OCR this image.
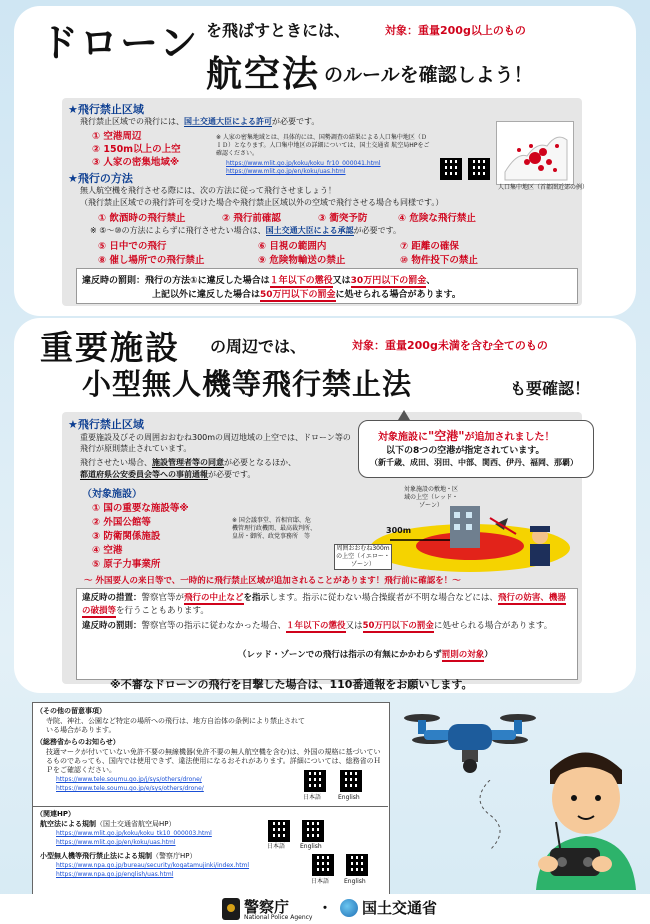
ドローン を飛ばすときには、	対象：重量200g以上のもの
航空法 のルールを確認しよう！
★飛行禁止区域
飛行禁止区域での飛行には、国土交通大臣による許可が必要です。
① 空港周辺
② 150m以上の上空
③ 人家の密集地域※
※ 人家の密集地域とは、具体的には、国勢調査の結果による人口集中地区（ＤＩＤ）となります。人口集中地区の詳細については、国土交通省 航空局HPをご確認ください。
https://www.mlit.go.jp/koku/koku_fr10_000041.html
https://www.mlit.go.jp/en/koku/uas.html
人口集中地区（首都圏近郊の例）
★飛行の方法
無人航空機を飛行させる際には、次の方法に従って飛行させましょう！
（飛行禁止区域での飛行許可を受けた場合や飛行禁止区域以外の空域で飛行させる場合も同様です。）
① 飲酒時の飛行禁止	② 飛行前確認	③ 衝突予防	④ 危険な飛行禁止
※ ⑤～⑩の方法によらずに飛行させたい場合は、国土交通大臣による承認が必要です。
⑤ 日中での飛行	⑥ 目視の範囲内	⑦ 距離の確保
⑧ 催し場所での飛行禁止	⑨ 危険物輸送の禁止	⑩ 物件投下の禁止
違反時の罰則：飛行の方法①に違反した場合は１年以下の懲役又は30万円以下の罰金、
上記以外に違反した場合は50万円以下の罰金に処せられる場合があります。
重要施設 の周辺では、	対象：重量200g未満を含む全てのもの
小型無人機等飛行禁止法	も要確認！
★飛行禁止区域
重要施設及びその周囲おおむね300mの周辺地域の上空では、ドローン等の飛行が原則禁止されています。
飛行させたい場合、施設管理者等の同意が必要となるほか、
都道府県公安委員会等への事前通報が必要です。
対象施設に"空港"が追加されました！
以下の8つの空港が指定されています。
（新千歳、成田、羽田、中部、関西、伊丹、福岡、那覇）
（対象施設）
① 国の重要な施設等※
② 外国公館等
③ 防衛関係施設
④ 空港
⑤ 原子力事業所
※ 国会議事堂、首相官邸、危機管理行政機関、最高裁判所、皇居・御所、政党事務所　等
対象施設の敷地・区域の上空（レッド・ゾーン）
300m
周囲おおむね300mの上空（イエロー・ゾーン）
～ 外国要人の来日等で、一時的に飛行禁止区域が追加されることがあります！飛行前に確認を！～
違反時の措置：警察官等が飛行の中止などを指示します。指示に従わない場合操縦者が不明な場合などには、飛行の妨害、機器の破損等を行うこともあります。
違反時の罰則：警察官等の指示に従わなかった場合、１年以下の懲役又は50万円以下の罰金に処せられる場合があります。
（レッド・ゾーンでの飛行は指示の有無にかかわらず罰則の対象）
※不審なドローンの飛行を目撃した場合は、110番通報をお願いします。
（その他の留意事項）
寺院、神社、公園など特定の場所への飛行は、地方自治体の条例により禁止されている場合があります。
（総務省からのお知らせ）
技適マークが付いていない免許不要の無線機器(免許不要の無人航空機を含む)は、外国の規格に基づいているものであっても、国内では使用できず、違法使用になるおそれがあります。詳細については、総務省のＨＰをご確認ください。
https://www.tele.soumu.go.jp/j/sys/others/drone/
https://www.tele.soumu.go.jp/e/sys/others/drone/
日本語	English
（関連HP）
航空法による規制（国土交通省航空局HP）
https://www.mlit.go.jp/koku/koku_tk10_000003.html
https://www.mlit.go.jp/en/koku/uas.html
日本語 English
小型無人機等飛行禁止法による規制（警察庁HP）
https://www.npa.go.jp/bureau/security/kogatamujinki/index.html
https://www.npa.go.jp/english/uas.html
日本語 English
警察庁
National Police Agency
・ 国土交通省
